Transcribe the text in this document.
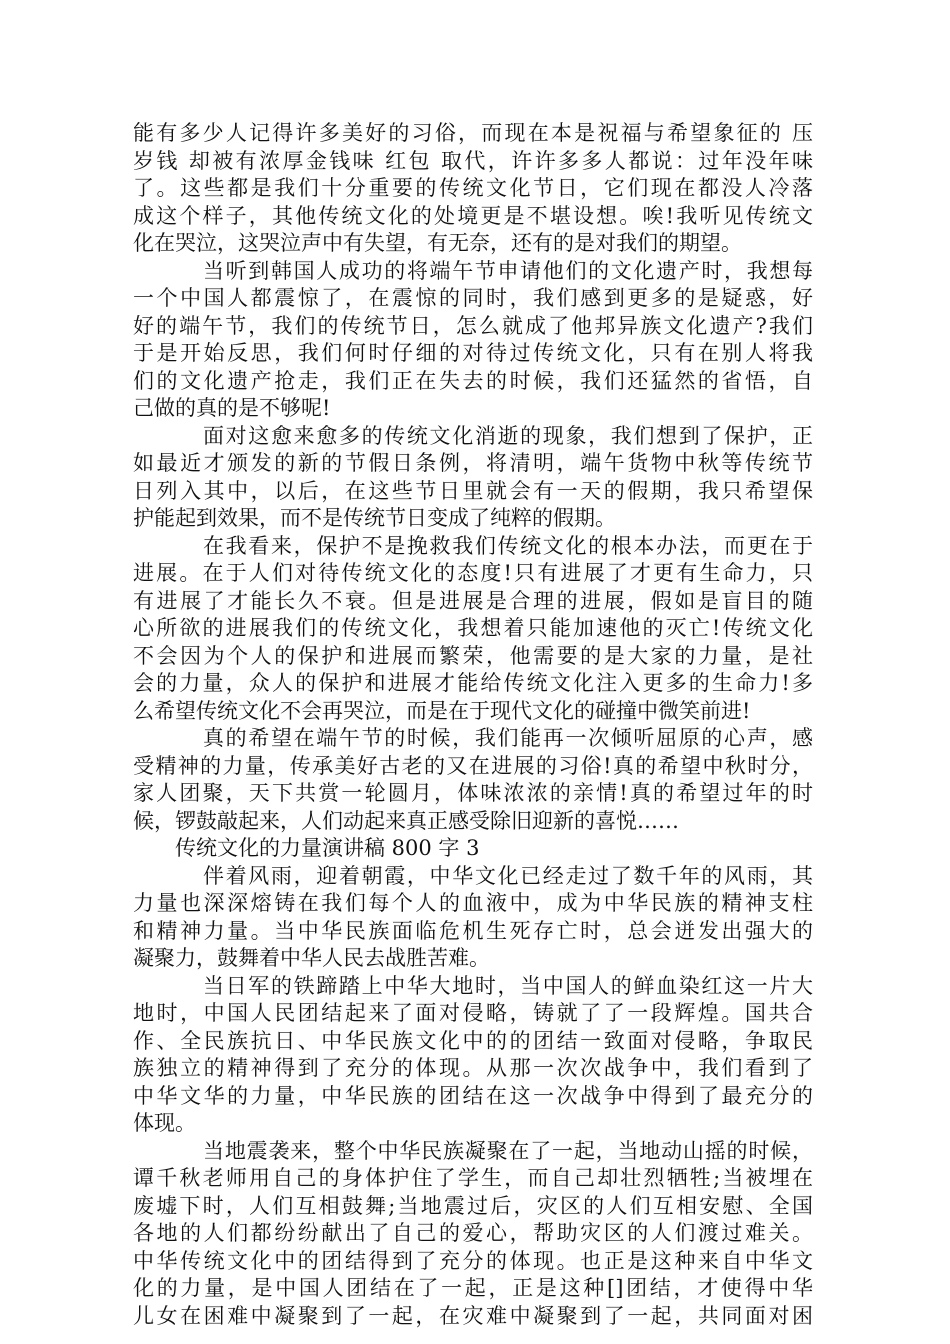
能有多少人记得许多美好的习俗，而现在本是祝福与希望象征的 压
岁钱 却被有浓厚金钱味 红包 取代，许许多多人都说：过年没年味
了。这些都是我们十分重要的传统文化节日，它们现在都没人冷落
成这个样子，其他传统文化的处境更是不堪设想。唉!我听见传统文
化在哭泣，这哭泣声中有失望，有无奈，还有的是对我们的期望。
当听到韩国人成功的将端午节申请他们的文化遗产时，我想每
一个中国人都震惊了，在震惊的同时，我们感到更多的是疑惑，好
好的端午节，我们的传统节日，怎么就成了他邦异族文化遗产?我们
于是开始反思，我们何时仔细的对待过传统文化，只有在别人将我
们的文化遗产抢走，我们正在失去的时候，我们还猛然的省悟，自
己做的真的是不够呢!
面对这愈来愈多的传统文化消逝的现象，我们想到了保护，正
如最近才颁发的新的节假日条例，将清明，端午货物中秋等传统节
日列入其中，以后，在这些节日里就会有一天的假期，我只希望保
护能起到效果，而不是传统节日变成了纯粹的假期。
在我看来，保护不是挽救我们传统文化的根本办法，而更在于
进展。在于人们对待传统文化的态度!只有进展了才更有生命力，只
有进展了才能长久不衰。但是进展是合理的进展，假如是盲目的随
心所欲的进展我们的传统文化，我想着只能加速他的灭亡!传统文化
不会因为个人的保护和进展而繁荣，他需要的是大家的力量，是社
会的力量，众人的保护和进展才能给传统文化注入更多的生命力!多
么希望传统文化不会再哭泣，而是在于现代文化的碰撞中微笑前进!
真的希望在端午节的时候，我们能再一次倾听屈原的心声，感
受精神的力量，传承美好古老的又在进展的习俗!真的希望中秋时分，
家人团聚，天下共赏一轮圆月，体味浓浓的亲情!真的希望过年的时
候，锣鼓敲起来，人们动起来真正感受除旧迎新的喜悦……
传统文化的力量演讲稿 800 字 3
伴着风雨，迎着朝霞，中华文化已经走过了数千年的风雨，其
力量也深深熔铸在我们每个人的血液中，成为中华民族的精神支柱
和精神力量。当中华民族面临危机生死存亡时，总会迸发出强大的
凝聚力，鼓舞着中华人民去战胜苦难。
当日军的铁蹄踏上中华大地时，当中国人的鲜血染红这一片大
地时，中国人民团结起来了面对侵略，铸就了了一段辉煌。国共合
作、全民族抗日、中华民族文化中的的团结一致面对侵略，争取民
族独立的精神得到了充分的体现。从那一次次战争中，我们看到了
中华文华的力量，中华民族的团结在这一次战争中得到了最充分的
体现。
当地震袭来，整个中华民族凝聚在了一起，当地动山摇的时候，
谭千秋老师用自己的身体护住了学生，而自己却壮烈牺牲;当被埋在
废墟下时，人们互相鼓舞;当地震过后，灾区的人们互相安慰、全国
各地的人们都纷纷献出了自己的爱心，帮助灾区的人们渡过难关。
中华传统文化中的团结得到了充分的体现。也正是这种来自中华文
化的力量，是中国人团结在了一起，正是这种[]团结，才使得中华
儿女在困难中凝聚到了一起，在灾难中凝聚到了一起，共同面对困
